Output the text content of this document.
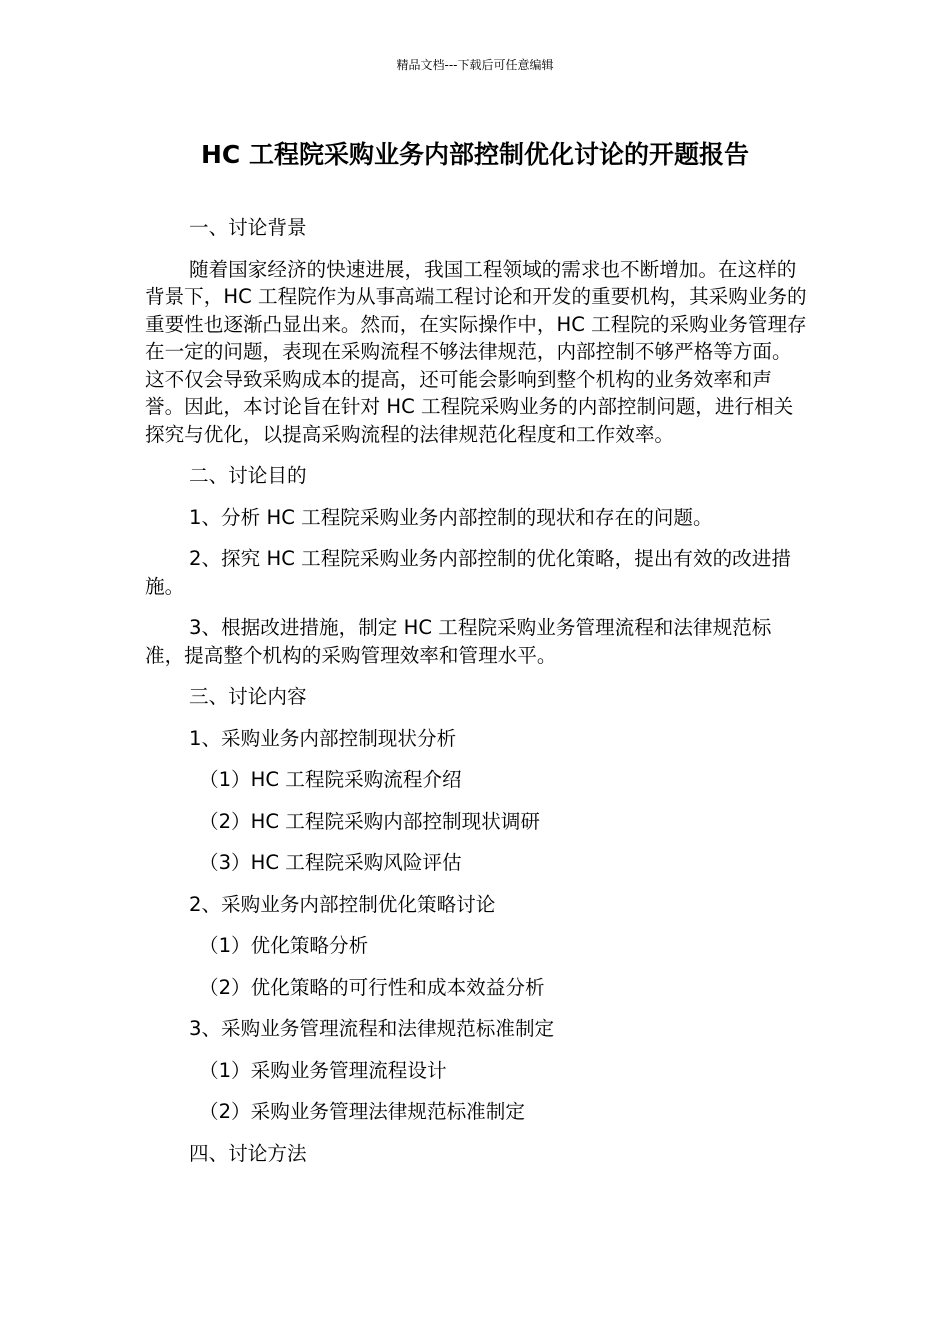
精品文档---下载后可任意编辑
HC 工程院采购业务内部控制优化讨论的开题报告

一、讨论背景

随着国家经济的快速进展，我国工程领域的需求也不断增加。在这样的背景下，HC 工程院作为从事高端工程讨论和开发的重要机构，其采购业务的重要性也逐渐凸显出来。然而，在实际操作中，HC 工程院的采购业务管理存在一定的问题，表现在采购流程不够法律规范，内部控制不够严格等方面。这不仅会导致采购成本的提高，还可能会影响到整个机构的业务效率和声誉。因此，本讨论旨在针对 HC 工程院采购业务的内部控制问题，进行相关探究与优化，以提高采购流程的法律规范化程度和工作效率。

二、讨论目的

1、分析 HC 工程院采购业务内部控制的现状和存在的问题。

2、探究 HC 工程院采购业务内部控制的优化策略，提出有效的改进措施。

3、根据改进措施，制定 HC 工程院采购业务管理流程和法律规范标准，提高整个机构的采购管理效率和管理水平。

三、讨论内容

1、采购业务内部控制现状分析

（1）HC 工程院采购流程介绍

（2）HC 工程院采购内部控制现状调研

（3）HC 工程院采购风险评估

2、采购业务内部控制优化策略讨论

（1）优化策略分析

（2）优化策略的可行性和成本效益分析

3、采购业务管理流程和法律规范标准制定

（1）采购业务管理流程设计

（2）采购业务管理法律规范标准制定

四、讨论方法
